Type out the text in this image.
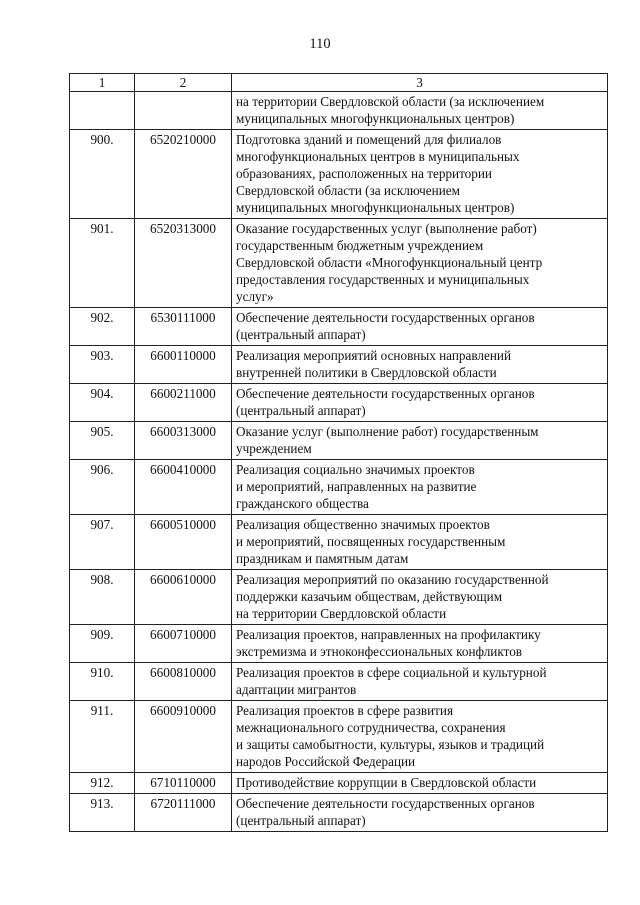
110
1	2	3

		на территории Свердловской области (за исключением
муниципальных многофункциональных центров)

900.	6520210000	Подготовка зданий и помещений для филиалов
многофункциональных центров в муниципальных
образованиях, расположенных на территории
Свердловской области (за исключением
муниципальных многофункциональных центров)

901.	6520313000	Оказание государственных услуг (выполнение работ)
государственным бюджетным учреждением
Свердловской области «Многофункциональный центр
предоставления государственных и муниципальных
услуг»

902.	6530111000	Обеспечение деятельности государственных органов
(центральный аппарат)

903.	6600110000	Реализация мероприятий основных направлений
внутренней политики в Свердловской области

904.	6600211000	Обеспечение деятельности государственных органов
(центральный аппарат)

905.	6600313000	Оказание услуг (выполнение работ) государственным
учреждением

906.	6600410000	Реализация социально значимых проектов
и мероприятий, направленных на развитие
гражданского общества

907.	6600510000	Реализация общественно значимых проектов
и мероприятий, посвященных государственным
праздникам и памятным датам

908.	6600610000	Реализация мероприятий по оказанию государственной
поддержки казачьим обществам, действующим
на территории Свердловской области

909.	6600710000	Реализация проектов, направленных на профилактику
экстремизма и этноконфессиональных конфликтов

910.	6600810000	Реализация проектов в сфере социальной и культурной
адаптации мигрантов

911.	6600910000	Реализация проектов в сфере развития
межнационального сотрудничества, сохранения
и защиты самобытности, культуры, языков и традиций
народов Российской Федерации

912.	6710110000	Противодействие коррупции в Свердловской области

913.	6720111000	Обеспечение деятельности государственных органов
(центральный аппарат)
